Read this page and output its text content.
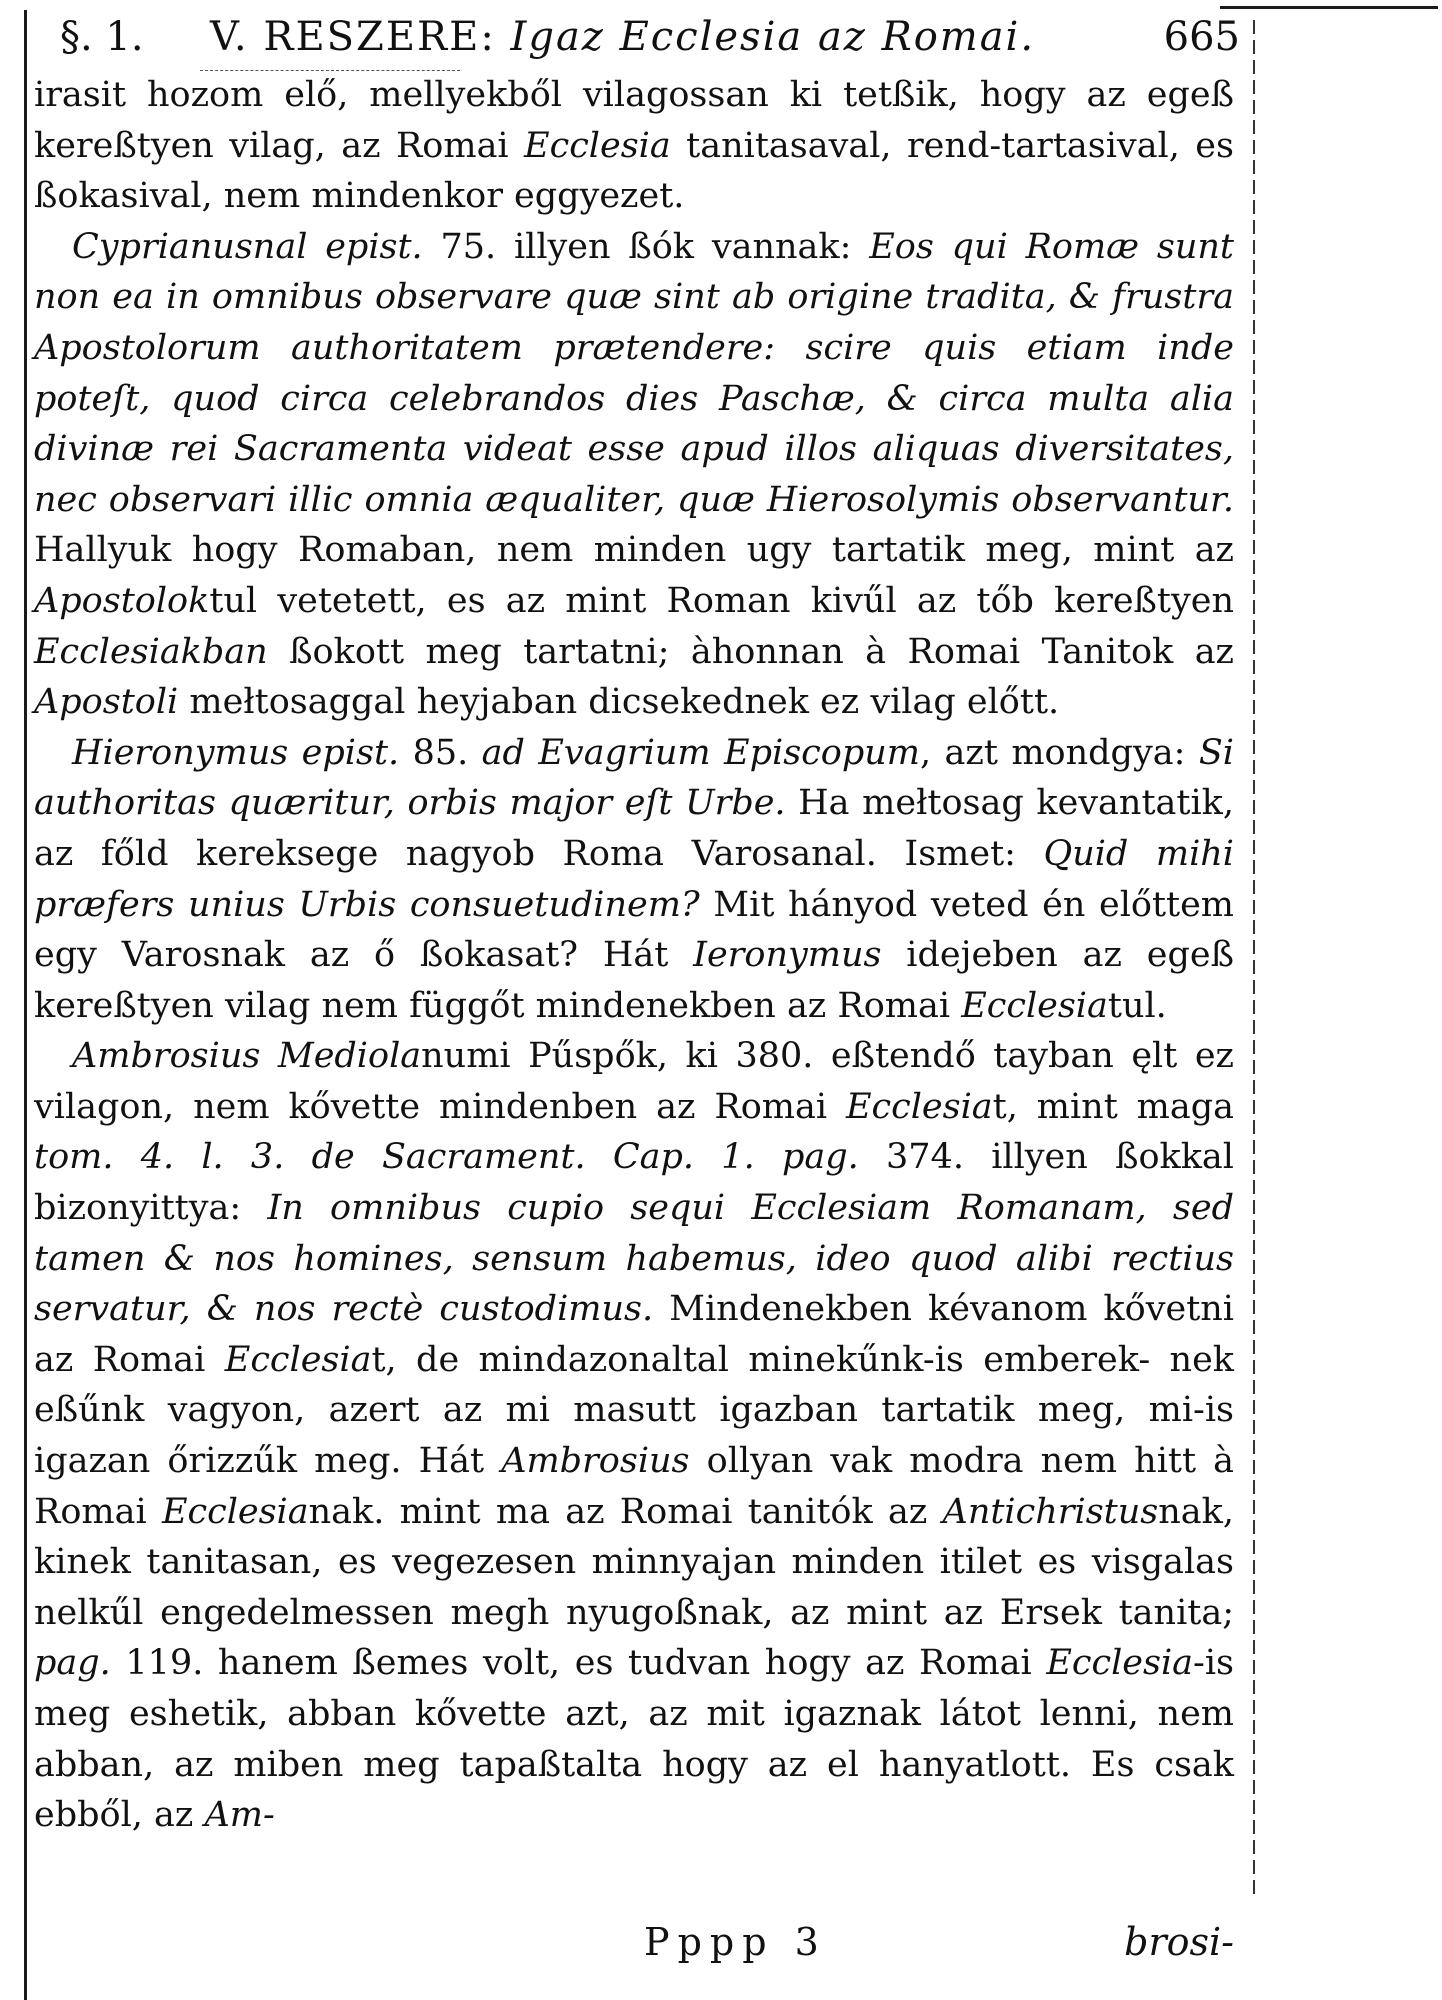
§. 1.	V. RESZERE: Igaz Ecclesia az Romai.	665

irasit hozom elő, mellyekből vilagossan ki tetßik, hogy az egeß kereßtyen vilag, az Romai Ecclesia tanitasaval, rend-tartasival, es ßokasival, nem mindenkor eggyezet.

Cyprianusnal epist. 75. illyen ßók vannak: Eos qui Romæ sunt non ea in omnibus observare quæ sint ab origine tradita, & frustra Apostolorum authoritatem prætendere: scire quis etiam inde poteſt, quod circa celebrandos dies Paschæ, & circa multa alia divinæ rei Sacramenta videat esse apud illos aliquas diversitates, nec observari illic omnia æqualiter, quæ Hierosolymis observantur. Hallyuk hogy Romaban, nem minden ugy tartatik meg, mint az Apostoloktul vetetett, es az mint Roman kivűl az tőb kereßtyen Ecclesiakban ßokott meg tartatni; àhonnan à Romai Tanitok az Apostoli mełtosaggal heyjaban dicsekednek ez vilag előtt.

Hieronymus epist. 85. ad Evagrium Episcopum, azt mondgya: Si authoritas quæritur, orbis major eſt Urbe. Ha mełtosag kevantatik, az főld kereksege nagyob Roma Varosanal. Ismet: Quid mihi præfers unius Urbis consuetudinem? Mit hányod veted én előttem egy Varosnak az ő ßokasat? Hát Ieronymus idejeben az egeß kereßtyen vilag nem függőt mindenekben az Romai Ecclesiatul.

Ambrosius Mediolanumi Pűspők, ki 380. eßtendő tayban ęlt ez vilagon, nem kővette mindenben az Romai Ecclesiat, mint maga tom. 4. l. 3. de Sacrament. Cap. 1. pag. 374. illyen ßokkal bizonyittya: In omnibus cupio sequi Ecclesiam Romanam, sed tamen & nos homines, sensum habemus, ideo quod alibi rectius servatur, & nos rectè custodimus. Mindenekben kévanom kővetni az Romai Ecclesiat, de mindazonaltal minekűnk-is emberek- nek eßűnk vagyon, azert az mi masutt igazban tartatik meg, mi-is igazan őrizzűk meg. Hát Ambrosius ollyan vak modra nem hitt à Romai Ecclesianak. mint ma az Romai tanitók az Antichristusnak, kinek tanitasan, es vegezesen minnyajan minden itilet es visgalas nelkűl engedelmessen megh nyugoßnak, az mint az Ersek tanita; pag. 119. hanem ßemes volt, es tudvan hogy az Romai Ecclesia-is meg eshetik, abban kővette azt, az mit igaznak látot lenni, nem abban, az miben meg tapaßtalta hogy az el hanyatlott. Es csak ebből, az Am-

Pppp 3	brosi-
